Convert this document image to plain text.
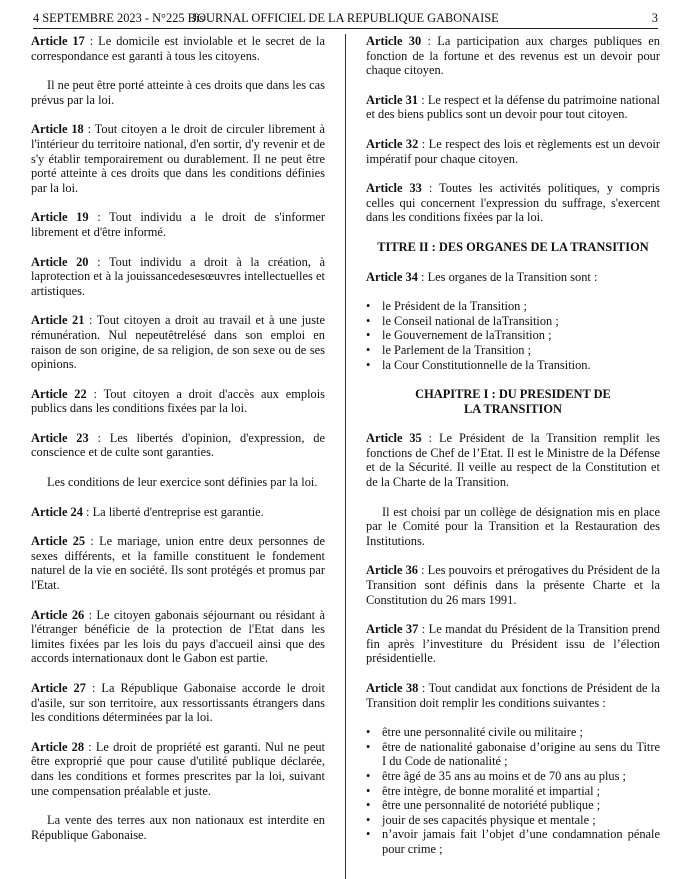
4 SEPTEMBRE 2023 - N°225 Bis
JOURNAL OFFICIEL DE LA REPUBLIQUE GABONAISE	3

Article 17 : Le domicile est inviolable et le secret de la correspondance est garanti à tous les citoyens.

Il ne peut être porté atteinte à ces droits que dans les cas prévus par la loi.

Article 18 : Tout citoyen a le droit de circuler librement à l'intérieur du territoire national, d'en sortir, d'y revenir et de s'y établir temporairement ou durablement. Il ne peut être porté atteinte à ces droits que dans les conditions définies par la loi.

Article 19 : Tout individu a le droit de s'informer librement et d'être informé.

Article 20 : Tout individu a droit à la création, à laprotection et à la jouissancedesesœuvres intellectuelles et artistiques.

Article 21 : Tout citoyen a droit au travail et à une juste rémunération. Nul nepeutêtrelésé dans son emploi en raison de son origine, de sa religion, de son sexe ou de ses opinions.

Article 22 : Tout citoyen a droit d'accès aux emplois publics dans les conditions fixées par la loi.

Article 23 : Les libertés d'opinion, d'expression, de conscience et de culte sont garanties.

Les conditions de leur exercice sont définies par la loi.

Article 24 : La liberté d'entreprise est garantie.

Article 25 : Le mariage, union entre deux personnes de sexes différents, et la famille constituent le fondement naturel de la vie en société. Ils sont protégés et promus par l'Etat.

Article 26 : Le citoyen gabonais séjournant ou résidant à l'étranger bénéficie de la protection de l'Etat dans les limites fixées par les lois du pays d'accueil ainsi que des accords internationaux dont le Gabon est partie.

Article 27 : La République Gabonaise accorde le droit d'asile, sur son territoire, aux ressortissants étrangers dans les conditions déterminées par la loi.

Article 28 : Le droit de propriété est garanti. Nul ne peut être exproprié que pour cause d'utilité publique déclarée, dans les conditions et formes prescrites par la loi, suivant une compensation préalable et juste.

La vente des terres aux non nationaux est interdite en République Gabonaise.

Article 30 : La participation aux charges publiques en fonction de la fortune et des revenus est un devoir pour chaque citoyen.

Article 31 : Le respect et la défense du patrimoine national et des biens publics sont un devoir pour tout citoyen.

Article 32 : Le respect des lois et règlements est un devoir impératif pour chaque citoyen.

Article 33 : Toutes les activités politiques, y compris celles qui concernent l'expression du suffrage, s'exercent dans les conditions fixées par la loi.

TITRE II : DES ORGANES DE LA TRANSITION

Article 34 : Les organes de la Transition sont :

• le Président de la Transition ;
• le Conseil national de laTransition ;
• le Gouvernement de laTransition ;
• le Parlement de la Transition ;
• la Cour Constitutionnelle de la Transition.
CHAPITRE I : DU PRESIDENT DE LA TRANSITION

Article 35 : Le Président de la Transition remplit les fonctions de Chef de l’Etat. Il est le Ministre de la Défense et de la Sécurité. Il veille au respect de la Constitution et de la Charte de la Transition.

Il est choisi par un collège de désignation mis en place par le Comité pour la Transition et la Restauration des Institutions.

Article 36 : Les pouvoirs et prérogatives du Président de la Transition sont définis dans la présente Charte et la Constitution du 26 mars 1991.

Article 37 : Le mandat du Président de la Transition prend fin après l’investiture du Président issu de l’élection présidentielle.

Article 38 : Tout candidat aux fonctions de Président de la Transition doit remplir les conditions suivantes :

• être une personnalité civile ou militaire ;
• être de nationalité gabonaise d’origine au sens du Titre I du Code de nationalité ;
• être âgé de 35 ans au moins et de 70 ans au plus ;
• être intègre, de bonne moralité et impartial ;
• être une personnalité de notoriété publique ;
• jouir de ses capacités physique et mentale ;
• n’avoir jamais fait l’objet d’une condamnation pénale pour crime ;
